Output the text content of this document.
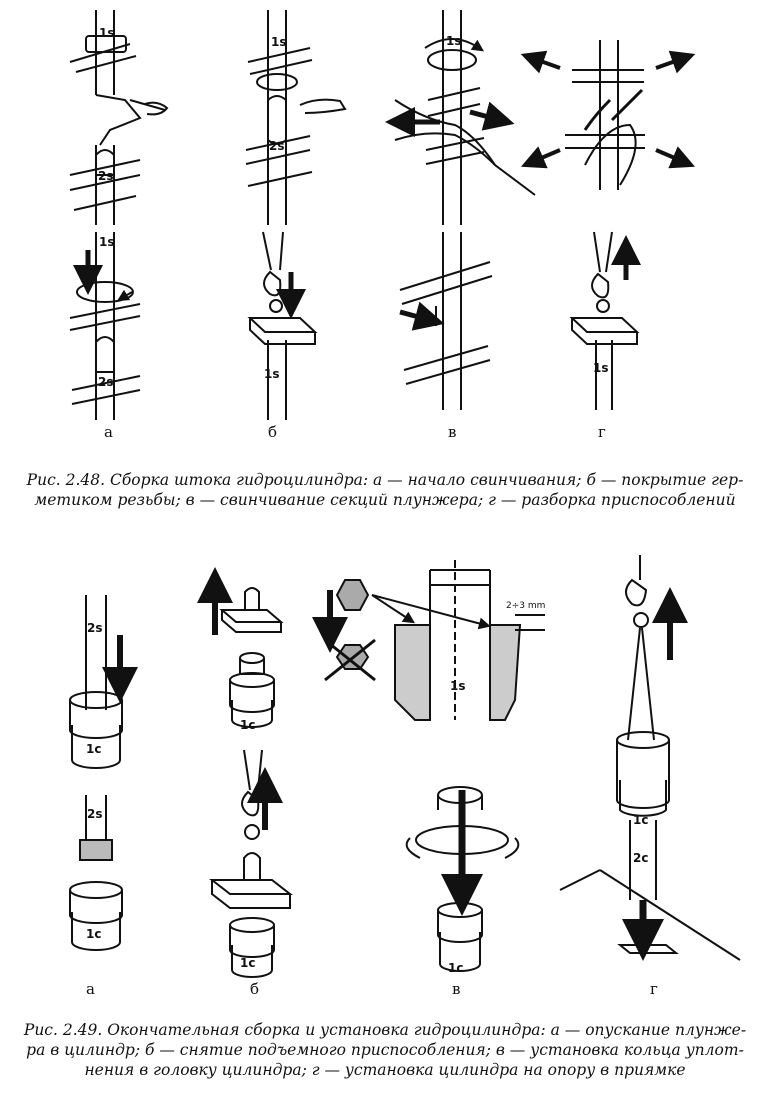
1s
2s
1s
2s
1s
1s
2s
1s	1s
а	б	в	г
Рис. 2.48. Сборка штока гидроцилиндра: а — начало свинчивания; б — покрытие гер-
метиком резьбы; в — свинчивание секций плунжера; г — разборка приспособлений
2s
1c
2s
1c
1c
1c
2÷3 mm
1s
1c
1c
2c
а	б	в	г
Рис. 2.49. Окончательная сборка и установка гидроцилиндра: а — опускание плунже-
ра в цилиндр; б — снятие подъемного приспособления; в — установка кольца уплот-
нения в головку цилиндра; г — установка цилиндра на опору в приямке
